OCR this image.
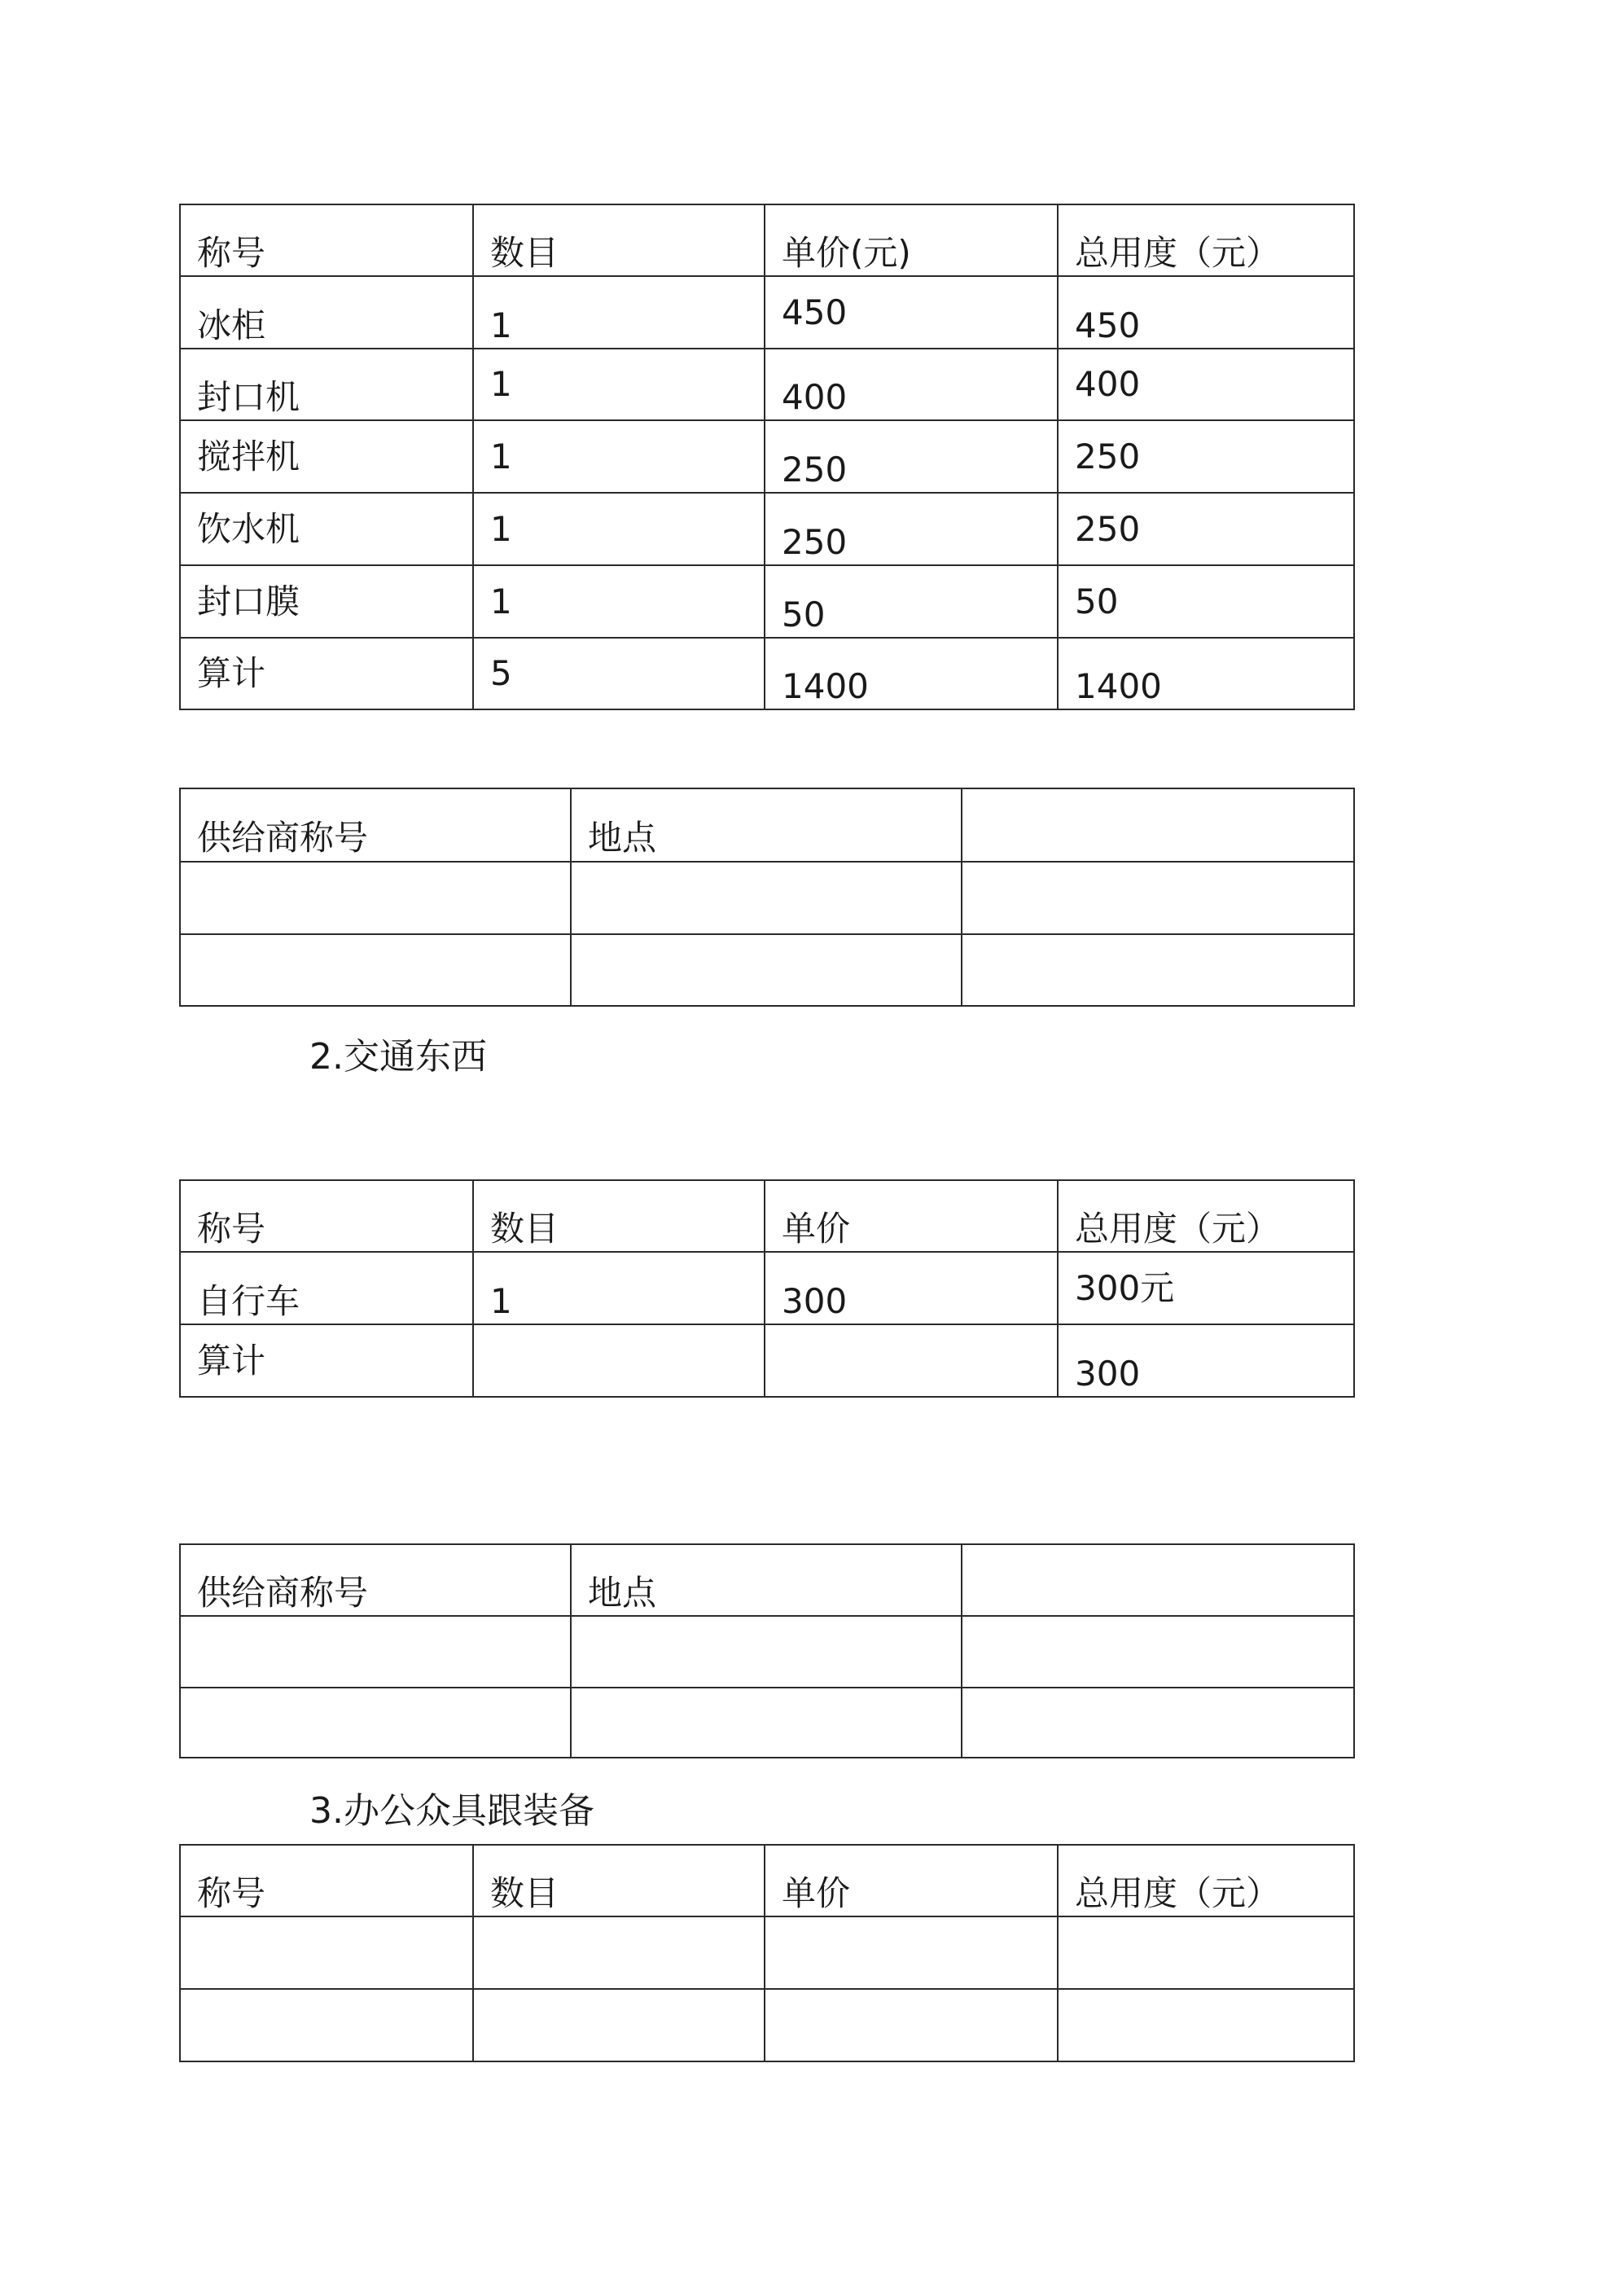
称号	数目	单价(元)	总用度（元）
冰柜	1	450	450
封口机	1	400	400
搅拌机	1	250	250
饮水机	1	250	250
封口膜	1	50	50
算计	5	1400	1400
供给商称号	地点	

2.交通东西
称号	数目	单价	总用度（元）
自行车	1	300	300元
算计			300
供给商称号	地点	

3.办公众具跟装备
称号	数目	单价	总用度（元）
